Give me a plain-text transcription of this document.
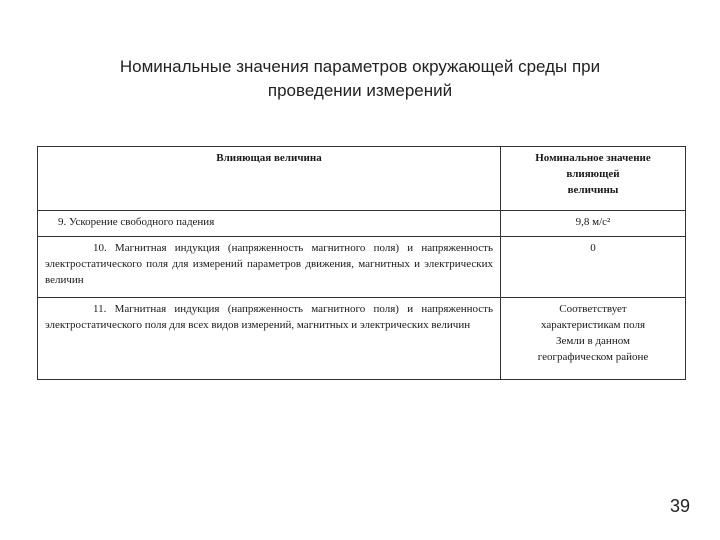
Номинальные значения параметров окружающей среды при
проведении измерений
Влияющая величина	Номинальное значение
влияющей
величины

9. Ускорение свободного падения	9,8 м/с²
10. Магнитная индукция (напряженность магнитного поля) и напряженность электростатического поля для измерений параметров движения, магнитных и электрических величин	0
11. Магнитная индукция (напряженность магнитного поля) и напряженность электростатического поля для всех видов измерений, магнитных и электрических величин	Соответствует
характеристикам поля
Земли в данном
географическом районе
39
